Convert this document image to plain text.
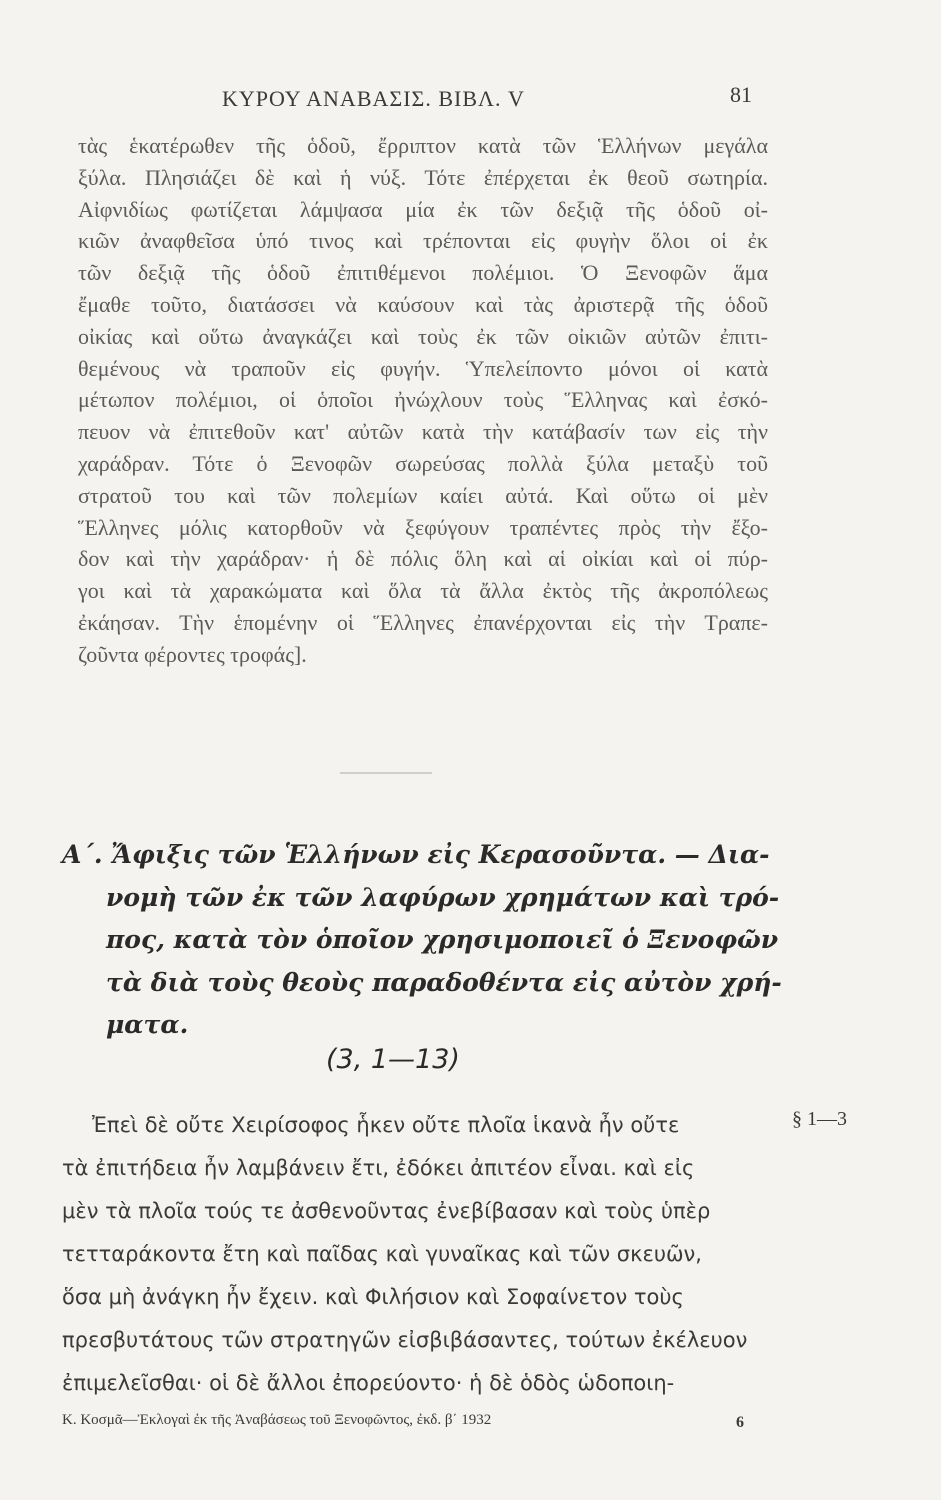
ΚΥΡΟΥ ΑΝΑΒΑΣΙΣ. ΒΙΒΛ. V	81
τὰς ἑκατέρωθεν τῆς ὁδοῦ, ἔρριπτον κατὰ τῶν Ἑλλήνων μεγάλα
ξύλα. Πλησιάζει δὲ καὶ ἡ νύξ. Τότε ἐπέρχεται ἐκ θεοῦ σωτηρία.
Αἰφνιδίως φωτίζεται λάμψασα μία ἐκ τῶν δεξιᾷ τῆς ὁδοῦ οἰ-
κιῶν ἀναφθεῖσα ὑπό τινος καὶ τρέπονται εἰς φυγὴν ὅλοι οἱ ἐκ
τῶν δεξιᾷ τῆς ὁδοῦ ἐπιτιθέμενοι πολέμιοι. Ὁ Ξενοφῶν ἅμα
ἔμαθε τοῦτο, διατάσσει νὰ καύσουν καὶ τὰς ἀριστερᾷ τῆς ὁδοῦ
οἰκίας καὶ οὕτω ἀναγκάζει καὶ τοὺς ἐκ τῶν οἰκιῶν αὐτῶν ἐπιτι-
θεμένους νὰ τραποῦν εἰς φυγήν. Ὑπελείποντο μόνοι οἱ κατὰ
μέτωπον πολέμιοι, οἱ ὁποῖοι ἠνώχλουν τοὺς Ἕλληνας καὶ ἐσκό-
πευον νὰ ἐπιτεθοῦν κατ' αὐτῶν κατὰ τὴν κατάβασίν των εἰς τὴν
χαράδραν. Τότε ὁ Ξενοφῶν σωρεύσας πολλὰ ξύλα μεταξὺ τοῦ
στρατοῦ του καὶ τῶν πολεμίων καίει αὐτά. Καὶ οὕτω οἱ μὲν
Ἕλληνες μόλις κατορθοῦν νὰ ξεφύγουν τραπέντες πρὸς τὴν ἔξο-
δον καὶ τὴν χαράδραν· ἡ δὲ πόλις ὅλη καὶ αἱ οἰκίαι καὶ οἱ πύρ-
γοι καὶ τὰ χαρακώματα καὶ ὅλα τὰ ἄλλα ἐκτὸς τῆς ἀκροπόλεως
ἐκάησαν. Τὴν ἑπομένην οἱ Ἕλληνες ἐπανέρχονται εἰς τὴν Τραπε-
ζοῦντα φέροντες τροφάς].
Α΄. Ἄφιξις τῶν Ἑλλήνων εἰς Κερασοῦντα. — Δια-
νομὴ τῶν ἐκ τῶν λαφύρων χρημάτων καὶ τρό-
πος, κατὰ τὸν ὁποῖον χρησιμοποιεῖ ὁ Ξενοφῶν
τὰ διὰ τοὺς θεοὺς παραδοθέντα εἰς αὐτὸν χρή-
ματα.
(3, 1—13)
§ 1—3
Ἐπεὶ δὲ οὔτε Χειρίσοφος ἧκεν οὔτε πλοῖα ἱκανὰ ἦν οὔτε
τὰ ἐπιτήδεια ἦν λαμβάνειν ἔτι, ἐδόκει ἀπιτέον εἶναι. καὶ εἰς
μὲν τὰ πλοῖα τούς τε ἀσθενοῦντας ἐνεβίβασαν καὶ τοὺς ὑπὲρ
τετταράκοντα ἔτη καὶ παῖδας καὶ γυναῖκας καὶ τῶν σκευῶν,
ὅσα μὴ ἀνάγκη ἦν ἔχειν. καὶ Φιλήσιον καὶ Σοφαίνετον τοὺς
πρεσβυτάτους τῶν στρατηγῶν εἰσβιβάσαντες, τούτων ἐκέλευον
ἐπιμελεῖσθαι· οἱ δὲ ἄλλοι ἐπορεύοντο· ἡ δὲ ὁδὸς ὡδοποιη-
Κ. Κοσμᾶ—Ἐκλογαὶ ἐκ τῆς Ἀναβάσεως τοῦ Ξενοφῶντος, ἐκδ. β΄ 1932	6
